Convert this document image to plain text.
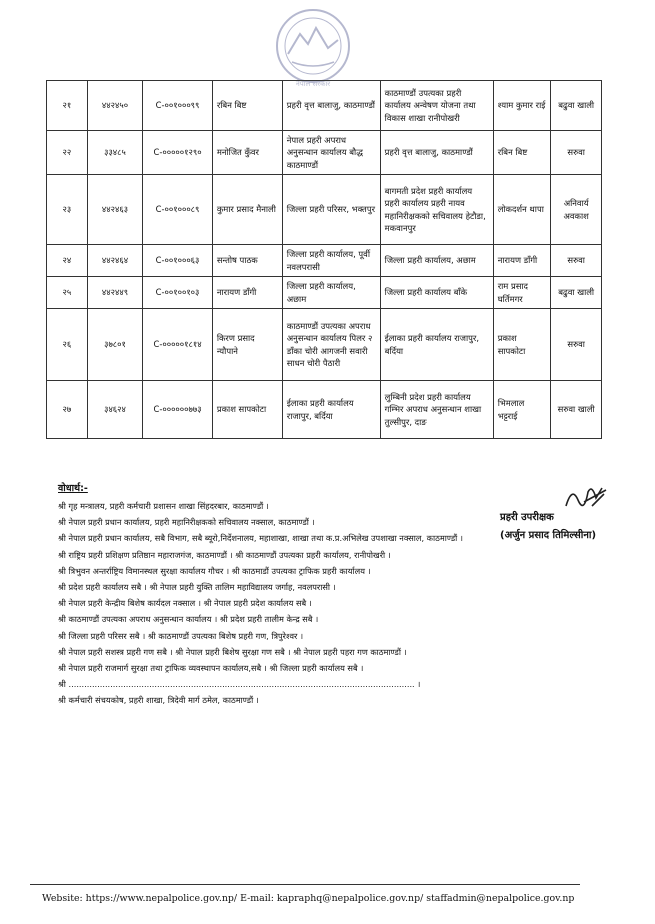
नेपाल सरकार
२१	४४२४५०	C-००१०००९९	रबिन बिष्ट	प्रहरी वृत्त बालाजु, काठमाण्डौं	काठमाण्डौं उपत्यका प्रहरी कार्यालय अन्वेषण योजना तथा विकास शाखा रानीपोखरी	श्याम कुमार राई	बढुवा खाली
२२	३३४८५	C-०००००१२९०	मनोजित कुँवर	नेपाल प्रहरी अपराध अनुसन्धान कार्यालय बौद्ध काठमाण्डौं	प्रहरी वृत्त बालाजु, काठमाण्डौं	रबिन बिष्ट	सरुवा
२३	४४२४६३	C-००१०००८९	कुमार प्रसाद मैनाली	जिल्ला प्रहरी परिसर, भक्तपुर	बागमती प्रदेश प्रहरी कार्यालय प्रहरी कार्यालय प्रहरी नायव महानिरीक्षकको सचिवालय हेटौडा, मकवानपुर	लोकदर्शन थापा	अनिवार्य अवकाश
२४	४४२४६४	C-००१०००६३	सन्तोष पाठक	जिल्ला प्रहरी कार्यालय, पूर्वी नवलपरासी	जिल्ला प्रहरी कार्यालय, अछाम	नारायण डाँगी	सरुवा
२५	४४२४४९	C-००१००१०३	नारायण डाँगी	जिल्ला प्रहरी कार्यालय, अछाम	जिल्ला प्रहरी कार्यालय बाँके	राम प्रसाद घर्तिमगर	बढुवा खाली
२६	३७८०१	C-०००००१८१४	किरण प्रसाद न्यौपाने	काठमाण्डौं उपत्यका अपराध अनुसन्धान कार्यालय पिलर २ डाँका चोरी आगजनी सवारी साधन चोरी पैठारी	ईलाका प्रहरी कार्यालय राजापुर, बर्दिया	प्रकाश सापकोटा	सरुवा
२७	३४६२४	C-००००००७७३	प्रकाश सापकोटा	ईलाका प्रहरी कार्यालय राजापुर, बर्दिया	लुम्बिनी प्रदेश प्रहरी कार्यालय गम्भिर अपराध अनुसन्धान शाखा तुल्सीपुर, दाङ	भिमलाल भट्टराई	सरुवा खाली
वोधार्थ:-
श्री गृह मन्त्रालय, प्रहरी कर्मचारी प्रशासन शाखा सिंहदरबार, काठमाण्डौं ।
श्री नेपाल प्रहरी प्रधान कार्यालय, प्रहरी महानिरीक्षकको सचिवालय नक्साल, काठमाण्डौं ।
श्री नेपाल प्रहरी प्रधान कार्यालय, सबै विभाग, सबै ब्यूरो,निर्देशनालय, महाशाखा, शाखा तथा क.प्र.अभिलेख उपशाखा नक्साल, काठमाण्डौं ।
श्री राष्ट्रिय प्रहरी प्रशिक्षण प्रतिष्ठान महाराजगंज, काठमाण्डौं । श्री काठमाण्डौं उपत्यका प्रहरी कार्यालय, रानीपोखरी ।
श्री त्रिभुवन अन्तर्राष्ट्रिय विमानस्थल सुरक्षा कार्यालय गौचर । श्री काठमाडौं उपत्यका ट्राफिक प्रहरी कार्यालय ।
श्री प्रदेश प्रहरी कार्यालय सबै । श्री नेपाल प्रहरी युक्ति तालिम महाविद्यालय जर्गाह, नवलपरासी ।
श्री नेपाल प्रहरी केन्द्रीय बिशेष कार्यदल नक्साल । श्री नेपाल प्रहरी प्रदेश कार्यालय सबै ।
श्री काठमाण्डौं उपत्यका अपराध अनुसन्धान कार्यालय । श्री प्रदेश प्रहरी तालीम केन्द्र सबै ।
श्री जिल्ला प्रहरी परिसर सबै । श्री काठमाण्डौं उपत्यका बिशेष प्रहरी गण, त्रिपुरेश्वर ।
श्री नेपाल प्रहरी सशस्त्र प्रहरी गण सबै । श्री नेपाल प्रहरी बिशेष सुरक्षा गण सबै । श्री नेपाल प्रहरी पहरा गण काठमाण्डौं ।
श्री नेपाल प्रहरी राजमार्ग सुरक्षा तथा ट्राफिक व्यवस्थापन कार्यालय,सबै । श्री जिल्ला प्रहरी कार्यालय सबै ।
श्री ..................................................................................................................................... ।
श्री कर्मचारी संचयकोष, प्रहरी शाखा, त्रिदेवी मार्ग ठमेल, काठमाण्डौं ।
प्रहरी उपरीक्षक
(अर्जुन प्रसाद तिमिल्सीना)
Website: https://www.nepalpolice.gov.np/ E-mail: kapraphq@nepalpolice.gov.np/ staffadmin@nepalpolice.gov.np
